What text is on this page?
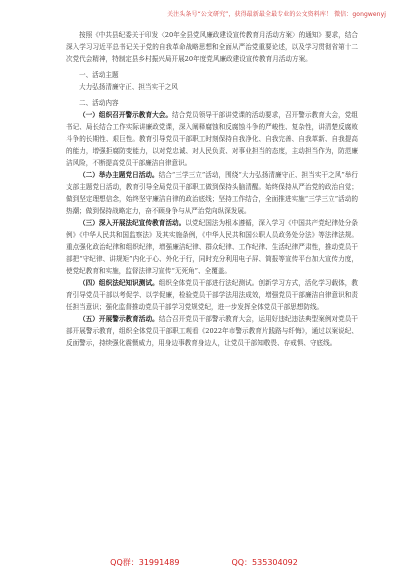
关注头条号“公文研究”，获得最新最全最专业的公文资料库！ 微信：gongwenyj

按照《中共县纪委关于印发〈20年全县党风廉政建设宣传教育月活动方案〉的通知》要求，结合深入学习习近平总书记关于党的自我革命战略思想和全面从严治党重要论述，以及学习贯彻省第十二次党代会精神，特制定县乡村振兴局开展20年度党风廉政建设宣传教育月活动方案。

一、活动主题

大力弘扬清廉守正、担当实干之风

二、活动内容

（一）组织召开警示教育大会。结合党员领导干部讲党课的活动要求，召开警示教育大会，党组书记、局长结合工作实际讲廉政党课，深入阐释腐蚀和反腐蚀斗争的严峻性、复杂性，讲清楚反腐败斗争的长期性、艰巨性。教育引导党员干部职工时刻保持自我净化、自我完善、自我革新、自我提高的能力，增强拒腐防变能力，以对党忠诚、对人民负责、对事业担当的态度，主动担当作为，防范廉洁风险，不断提高党员干部廉洁自律意识。

（二）举办主题党日活动。结合“三学三立”活动，围绕“大力弘扬清廉守正、担当实干之风”举行支部主题党日活动，教育引导全局党员干部职工做到保持头脑清醒。始终保持从严治党的政治自觉；做到坚定理想信念，始终坚守廉洁自律的政治底线；坚持工作结合，全面推进实施“三学三立”活动的热潮；做到保持战略定力，奋不顾身争与从严治党向纵深发展。

（三）深入开展法纪宣传教育活动。以党纪国法为根本遵循，深入学习《中国共产党纪律处分条例》《中华人民共和国监察法》及其实施条例，《中华人民共和国公职人员政务处分法》等法律法规。重点强化政治纪律和组织纪律，增强廉洁纪律、群众纪律、工作纪律、生活纪律严肃性，推动党员干部把“守纪律、讲规矩”内化于心、外化于行，同时充分利用电子屏、简报等宣传平台加大宣传力度，使党纪教育和实施，监督法律习宣传“无死角”、全覆盖。

（四）组织法纪知识测试。组织全体党员干部进行法纪测试。创新学习方式，活化学习载体，教育引导党员干部以考促学、以学促廉，检验党员干部学法用法成效，增强党员干部廉洁自律意识和责任担当意识；强化监督推动党员干部学习党规党纪，进一步发挥全体党员干部思想防线。

（五）开展警示教育活动。结合召开党员干部警示教育大会，运用好违纪违法典型案例对党员干部开展警示教育，组织全体党员干部职工观看《2022年市警示教育片践路与纤悔》，通过以案说纪、反面警示，持续强化震慑威力，用身边事教育身边人，让党员干部知敬畏、存戒惧、守底线。

QQ群：31991489	QQ：535304092
